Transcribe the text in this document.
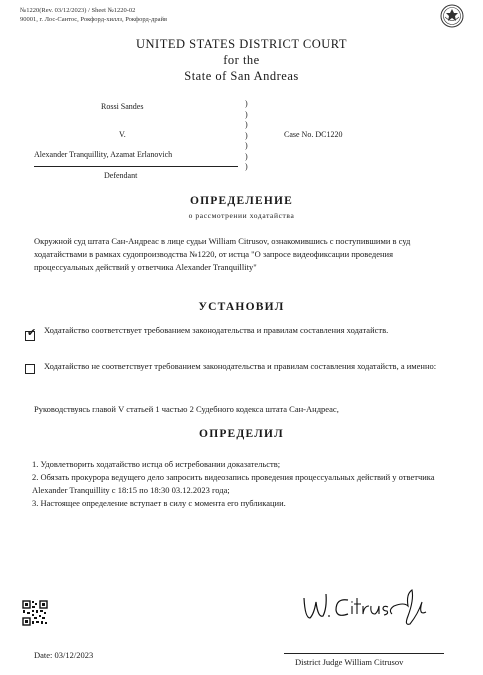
№1220(Rev. 03/12/2023) / Sheet №1220-02
90001, г. Лос-Сантос, Рокфорд-хиллз, Рокфорд-драйв
UNITED STATES DISTRICT COURT
for the
State of San Andreas
Rossi Sandes
V.
Alexander Tranquillity, Azamat Erlanovich
Defendant
)
)
)
)
)
)
)
Case No. DC1220
ОПРЕДЕЛЕНИЕ
о рассмотрении ходатайства
Окружной суд штата Сан-Андреас в лице судьи William Citrusov, ознакомившись с поступившими в суд ходатайствами в рамках судопроизводства №1220, от истца "О запросе видеофиксации проведения процессуальных действий у ответчика Alexander Tranquillity"
УСТАНОВИЛ
✔ Ходатайство соответствует требованием законодательства и правилам составления ходатайств.
Ходатайство не соответствует требованием законодательства и правилам составления ходатайств, а именно:
Руководствуясь главой V статьей 1 частью 2 Судебного кодекса штата Сан-Андреас,
ОПРЕДЕЛИЛ
1. Удовлетворить ходатайство истца об истребовании доказательств;
2. Обязать прокурора ведущего дело запросить видеозапись проведения процессуальных действий у ответчика Alexander Tranquillity с 18:15 по 18:30 03.12.2023 года;
3. Настоящее определение вступает в силу с момента его публикации.
Date: 03/12/2023
District Judge William Citrusov
